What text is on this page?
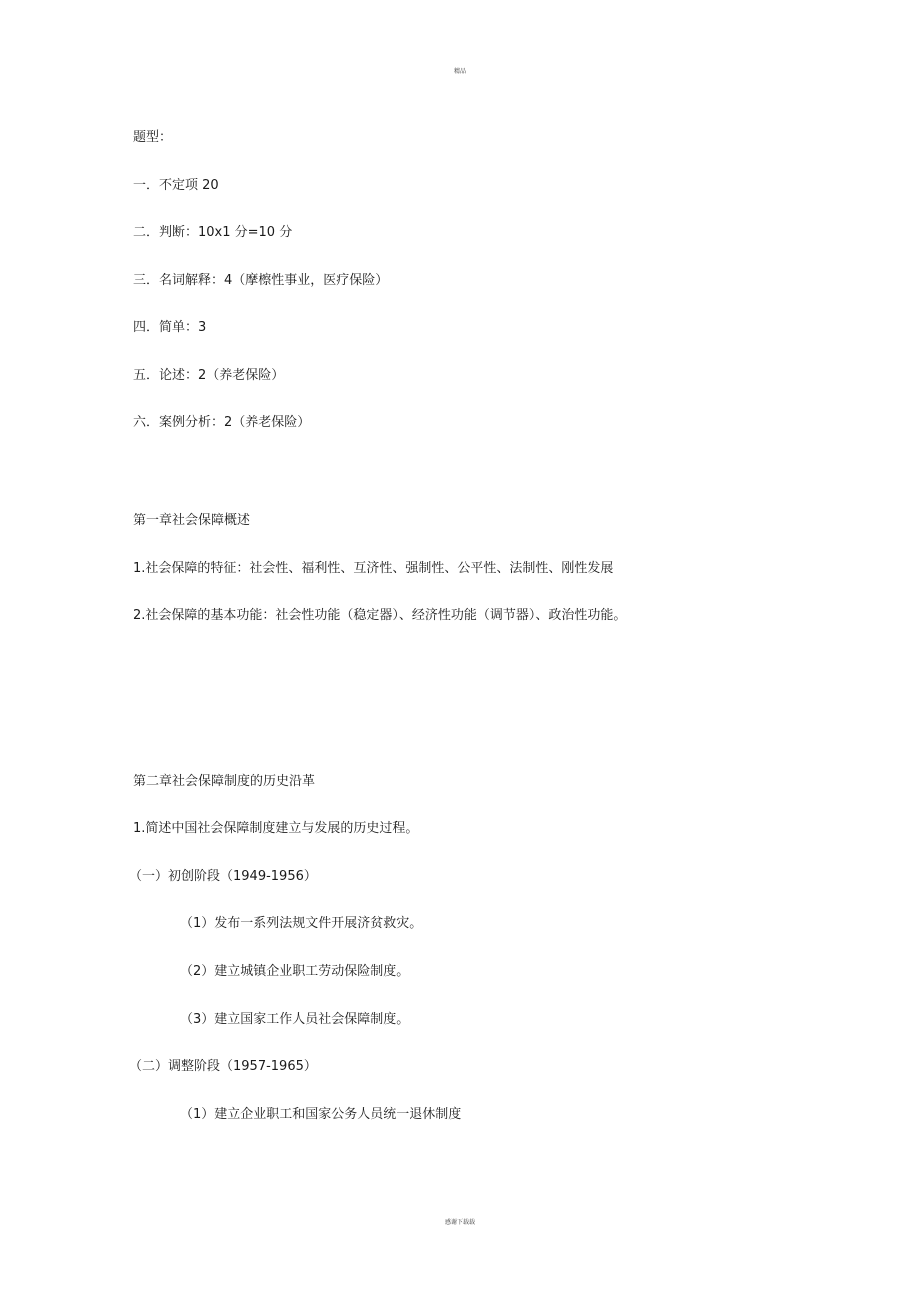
精品
题型：
一．不定项 20
二．判断：10x1 分=10 分
三．名词解释：4（摩檫性事业，医疗保险）
四．简单：3
五．论述：2（养老保险）
六．案例分析：2（养老保险）
第一章社会保障概述
1.社会保障的特征：社会性、福利性、互济性、强制性、公平性、法制性、刚性发展
2.社会保障的基本功能：社会性功能（稳定器）、经济性功能（调节器）、政治性功能。
第二章社会保障制度的历史沿革
1.简述中国社会保障制度建立与发展的历史过程。
（一）初创阶段（1949-1956）
（1）发布一系列法规文件开展济贫救灾。
（2）建立城镇企业职工劳动保险制度。
（3）建立国家工作人员社会保障制度。
（二）调整阶段（1957-1965）
（1）建立企业职工和国家公务人员统一退休制度
感谢下载载
